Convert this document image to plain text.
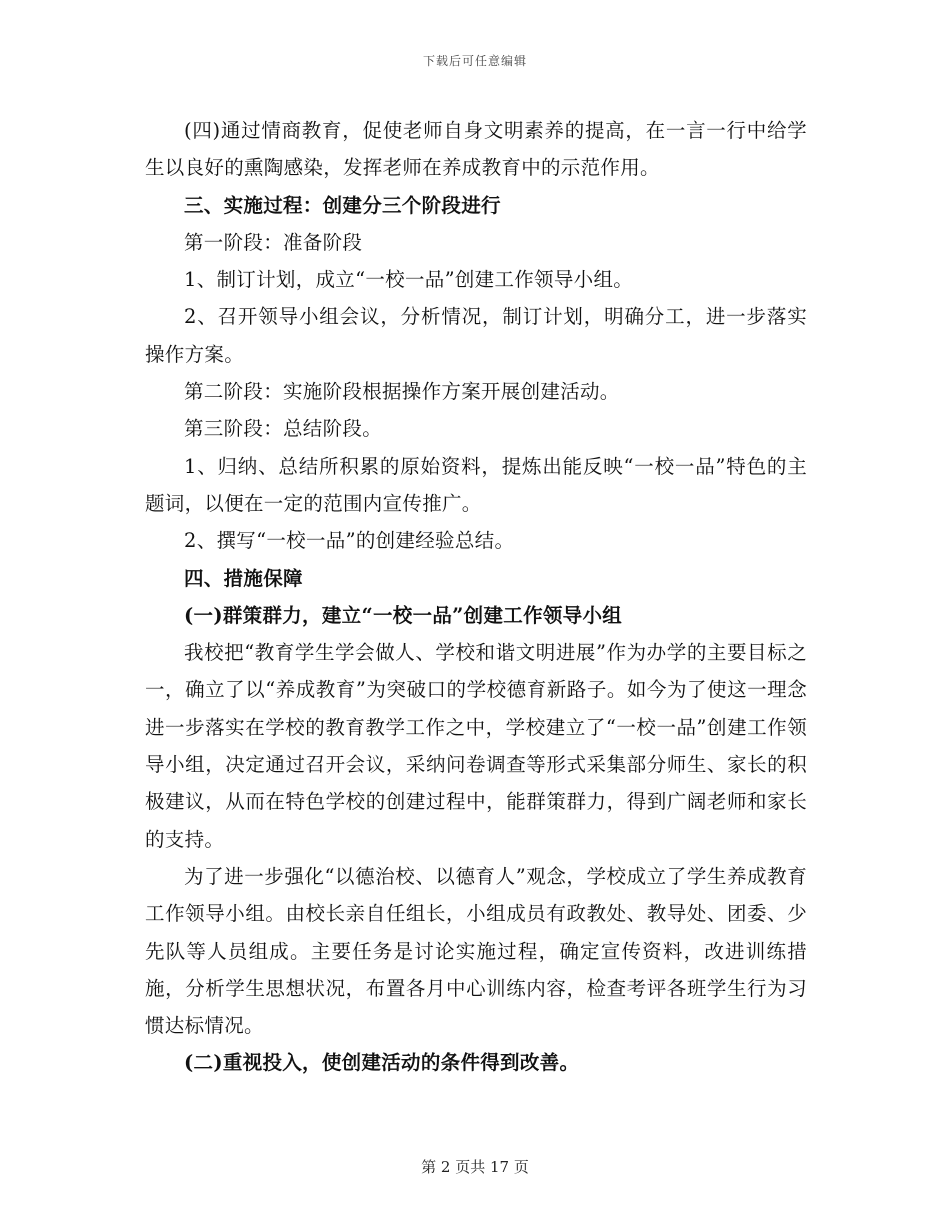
下载后可任意编辑

(四)通过情商教育，促使老师自身文明素养的提高，在一言一行中给学生以良好的熏陶感染，发挥老师在养成教育中的示范作用。

三、实施过程：创建分三个阶段进行

第一阶段：准备阶段

1、制订计划，成立“一校一品”创建工作领导小组。

2、召开领导小组会议，分析情况，制订计划，明确分工，进一步落实操作方案。

第二阶段：实施阶段根据操作方案开展创建活动。

第三阶段：总结阶段。

1、归纳、总结所积累的原始资料，提炼出能反映“一校一品”特色的主题词，以便在一定的范围内宣传推广。

2、撰写“一校一品”的创建经验总结。

四、措施保障

(一)群策群力，建立“一校一品”创建工作领导小组

我校把“教育学生学会做人、学校和谐文明进展”作为办学的主要目标之一，确立了以“养成教育”为突破口的学校德育新路子。如今为了使这一理念进一步落实在学校的教育教学工作之中，学校建立了“一校一品”创建工作领导小组，决定通过召开会议，采纳问卷调查等形式采集部分师生、家长的积极建议，从而在特色学校的创建过程中，能群策群力，得到广阔老师和家长的支持。

为了进一步强化“以德治校、以德育人”观念，学校成立了学生养成教育工作领导小组。由校长亲自任组长，小组成员有政教处、教导处、团委、少先队等人员组成。主要任务是讨论实施过程，确定宣传资料，改进训练措施，分析学生思想状况，布置各月中心训练内容，检查考评各班学生行为习惯达标情况。

(二)重视投入，使创建活动的条件得到改善。

第 2 页共 17 页
